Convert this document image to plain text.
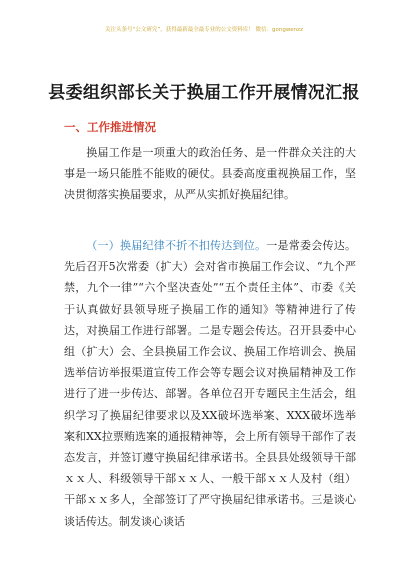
关注头条号“公文研究”，获得最新最全最专业的公文资料库！ 微信：gongwenzz
县委组织部长关于换届工作开展情况汇报
一、工作推进情况

换届工作是一项重大的政治任务、是一件群众关注的大事是一场只能胜不能败的硬仗。县委高度重视换届工作，坚决贯彻落实换届要求，从严从实抓好换届纪律。

（一）换届纪律不折不扣传达到位。一是常委会传达。先后召开5次常委（扩大）会对省市换届工作会议、“九个严禁，九个一律”“六个坚决查处”“五个责任主体”、市委《关于认真做好县领导班子换届工作的通知》等精神进行了传达，对换届工作进行部署。二是专题会传达。召开县委中心组（扩大）会、全县换届工作会议、换届工作培训会、换届选举信访举报渠道宣传工作会等专题会议对换届精神及工作进行了进一步传达、部署。各单位召开专题民主生活会，组织学习了换届纪律要求以及XX破坏选举案、XXX破坏选举案和XX拉票贿选案的通报精神等，会上所有领导干部作了表态发言，并签订遵守换届纪律承诺书。全县县处级领导干部ｘｘ人、科级领导干部ｘｘ人、一般干部ｘｘ人及村（组）干部ｘｘ多人，全部签订了严守换届纪律承诺书。三是谈心谈话传达。制发谈心谈话
